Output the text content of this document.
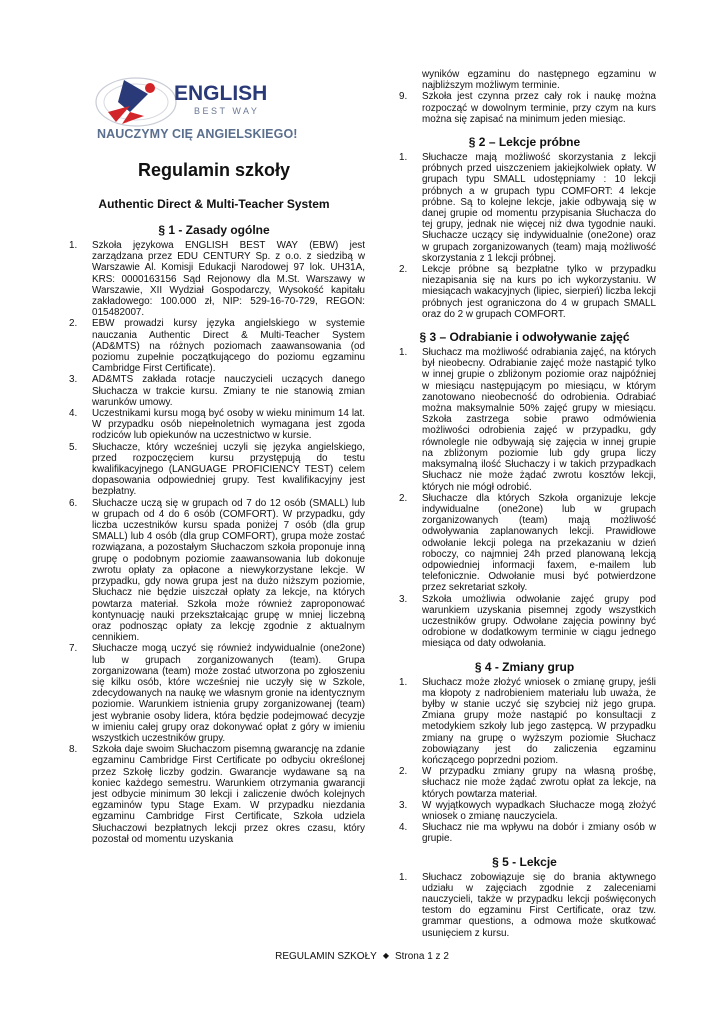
ENGLISH
BEST WAY
NAUCZYMY CIĘ ANGIELSKIEGO!
Regulamin szkoły
Authentic Direct & Multi-Teacher System

§ 1 - Zasady ogólne

1. Szkoła językowa ENGLISH BEST WAY (EBW) jest zarządzana przez EDU CENTURY Sp. z o.o. z siedzibą w Warszawie Al. Komisji Edukacji Narodowej 97 lok. UH31A, KRS: 0000163156 Sąd Rejonowy dla M.St. Warszawy w Warszawie, XII Wydział Gospodarczy, Wysokość kapitału zakładowego: 100.000 zł, NIP: 529-16-70-729, REGON: 015482007.
2. EBW prowadzi kursy języka angielskiego w systemie nauczania Authentic Direct & Multi-Teacher System (AD&MTS) na różnych poziomach zaawansowania (od poziomu zupełnie początkującego do poziomu egzaminu Cambridge First Certificate).
3. AD&MTS zakłada rotacje nauczycieli uczących danego Słuchacza w trakcie kursu. Zmiany te nie stanowią zmian warunków umowy.
4. Uczestnikami kursu mogą być osoby w wieku minimum 14 lat. W przypadku osób niepełnoletnich wymagana jest zgoda rodziców lub opiekunów na uczestnictwo w kursie.
5. Słuchacze, który wcześniej uczyli się języka angielskiego, przed rozpoczęciem kursu przystępują do testu kwalifikacyjnego (LANGUAGE PROFICIENCY TEST) celem dopasowania odpowiedniej grupy. Test kwalifikacyjny jest bezpłatny.
6. Słuchacze uczą się w grupach od 7 do 12 osób (SMALL) lub w grupach od 4 do 6 osób (COMFORT). W przypadku, gdy liczba uczestników kursu spada poniżej 7 osób (dla grup SMALL) lub 4 osób (dla grup COMFORT), grupa może zostać rozwiązana, a pozostałym Słuchaczom szkoła proponuje inną grupę o podobnym poziomie zaawansowania lub dokonuje zwrotu opłaty za opłacone a niewykorzystane lekcje. W przypadku, gdy nowa grupa jest na dużo niższym poziomie, Słuchacz nie będzie uiszczał opłaty za lekcje, na których powtarza materiał. Szkoła może również zaproponować kontynuację nauki przekształcając grupę w mniej liczebną oraz podnosząc opłaty za lekcję zgodnie z aktualnym cennikiem.
7. Słuchacze mogą uczyć się również indywidualnie (one2one) lub w grupach zorganizowanych (team). Grupa zorganizowana (team) może zostać utworzona po zgłoszeniu się kilku osób, które wcześniej nie uczyły się w Szkole, zdecydowanych na naukę we własnym gronie na identycznym poziomie. Warunkiem istnienia grupy zorganizowanej (team) jest wybranie osoby lidera, która będzie podejmować decyzje w imieniu całej grupy oraz dokonywać opłat z góry w imieniu wszystkich uczestników grupy.
8. Szkoła daje swoim Słuchaczom pisemną gwarancję na zdanie egzaminu Cambridge First Certificate po odbyciu określonej przez Szkołę liczby godzin. Gwarancje wydawane są na koniec każdego semestru. Warunkiem otrzymania gwarancji jest odbycie minimum 30 lekcji i zaliczenie dwóch kolejnych egzaminów typu Stage Exam. W przypadku niezdania egzaminu Cambridge First Certificate, Szkoła udziela Słuchaczowi bezpłatnych lekcji przez okres czasu, który pozostał od momentu uzyskania

wyników egzaminu do następnego egzaminu w najbliższym możliwym terminie.

9. Szkoła jest czynna przez cały rok i naukę można rozpocząć w dowolnym terminie, przy czym na kurs można się zapisać na minimum jeden miesiąc.

§ 2 – Lekcje próbne

1. Słuchacze mają możliwość skorzystania z lekcji próbnych przed uiszczeniem jakiejkolwiek opłaty. W grupach typu SMALL udostępniamy : 10 lekcji próbnych a w grupach typu COMFORT: 4 lekcje próbne. Są to kolejne lekcje, jakie odbywają się w danej grupie od momentu przypisania Słuchacza do tej grupy, jednak nie więcej niż dwa tygodnie nauki. Słuchacze uczący się indywidualnie (one2one) oraz w grupach zorganizowanych (team) mają możliwość skorzystania z 1 lekcji próbnej.
2. Lekcje próbne są bezpłatne tylko w przypadku niezapisania się na kurs po ich wykorzystaniu. W miesiącach wakacyjnych (lipiec, sierpień) liczba lekcji próbnych jest ograniczona do 4 w grupach SMALL oraz do 2 w grupach COMFORT.

§ 3 – Odrabianie i odwoływanie zajęć

1. Słuchacz ma możliwość odrabiania zajęć, na których był nieobecny. Odrabianie zajęć może nastąpić tylko w innej grupie o zbliżonym poziomie oraz najpóźniej w miesiącu następującym po miesiącu, w którym zanotowano nieobecność do odrobienia. Odrabiać można maksymalnie 50% zajęć grupy w miesiącu. Szkoła zastrzega sobie prawo odmówienia możliwości odrobienia zajęć w przypadku, gdy równolegle nie odbywają się zajęcia w innej grupie na zbliżonym poziomie lub gdy grupa liczy maksymalną ilość Słuchaczy i w takich przypadkach Słuchacz nie może żądać zwrotu kosztów lekcji, których nie mógł odrobić.
2. Słuchacze dla których Szkoła organizuje lekcje indywidualne (one2one) lub w grupach zorganizowanych (team) mają możliwość odwoływania zaplanowanych lekcji. Prawidłowe odwołanie lekcji polega na przekazaniu w dzień roboczy, co najmniej 24h przed planowaną lekcją odpowiedniej informacji faxem, e-mailem lub telefonicznie. Odwołanie musi być potwierdzone przez sekretariat szkoły.
3. Szkoła umożliwia odwołanie zajęć grupy pod warunkiem uzyskania pisemnej zgody wszystkich uczestników grupy. Odwołane zajęcia powinny być odrobione w dodatkowym terminie w ciągu jednego miesiąca od daty odwołania.

§ 4 - Zmiany grup

1. Słuchacz może złożyć wniosek o zmianę grupy, jeśli ma kłopoty z nadrobieniem materiału lub uważa, że byłby w stanie uczyć się szybciej niż jego grupa. Zmiana grupy może nastąpić po konsultacji z metodykiem szkoły lub jego zastępcą. W przypadku zmiany na grupę o wyższym poziomie Słuchacz zobowiązany jest do zaliczenia egzaminu kończącego poprzedni poziom.
2. W przypadku zmiany grupy na własną prośbę, słuchacz nie może żądać zwrotu opłat za lekcje, na których powtarza materiał.
3. W wyjątkowych wypadkach Słuchacze mogą złożyć wniosek o zmianę nauczyciela.
4. Słuchacz nie ma wpływu na dobór i zmiany osób w grupie.

§ 5 - Lekcje

1. Słuchacz zobowiązuje się do brania aktywnego udziału w zajęciach zgodnie z zaleceniami nauczycieli, także w przypadku lekcji poświęconych testom do egzaminu First Certificate, oraz tzw. grammar questions, a odmowa może skutkować usunięciem z kursu.
REGULAMIN SZKOŁY ◆ Strona 1 z 2
